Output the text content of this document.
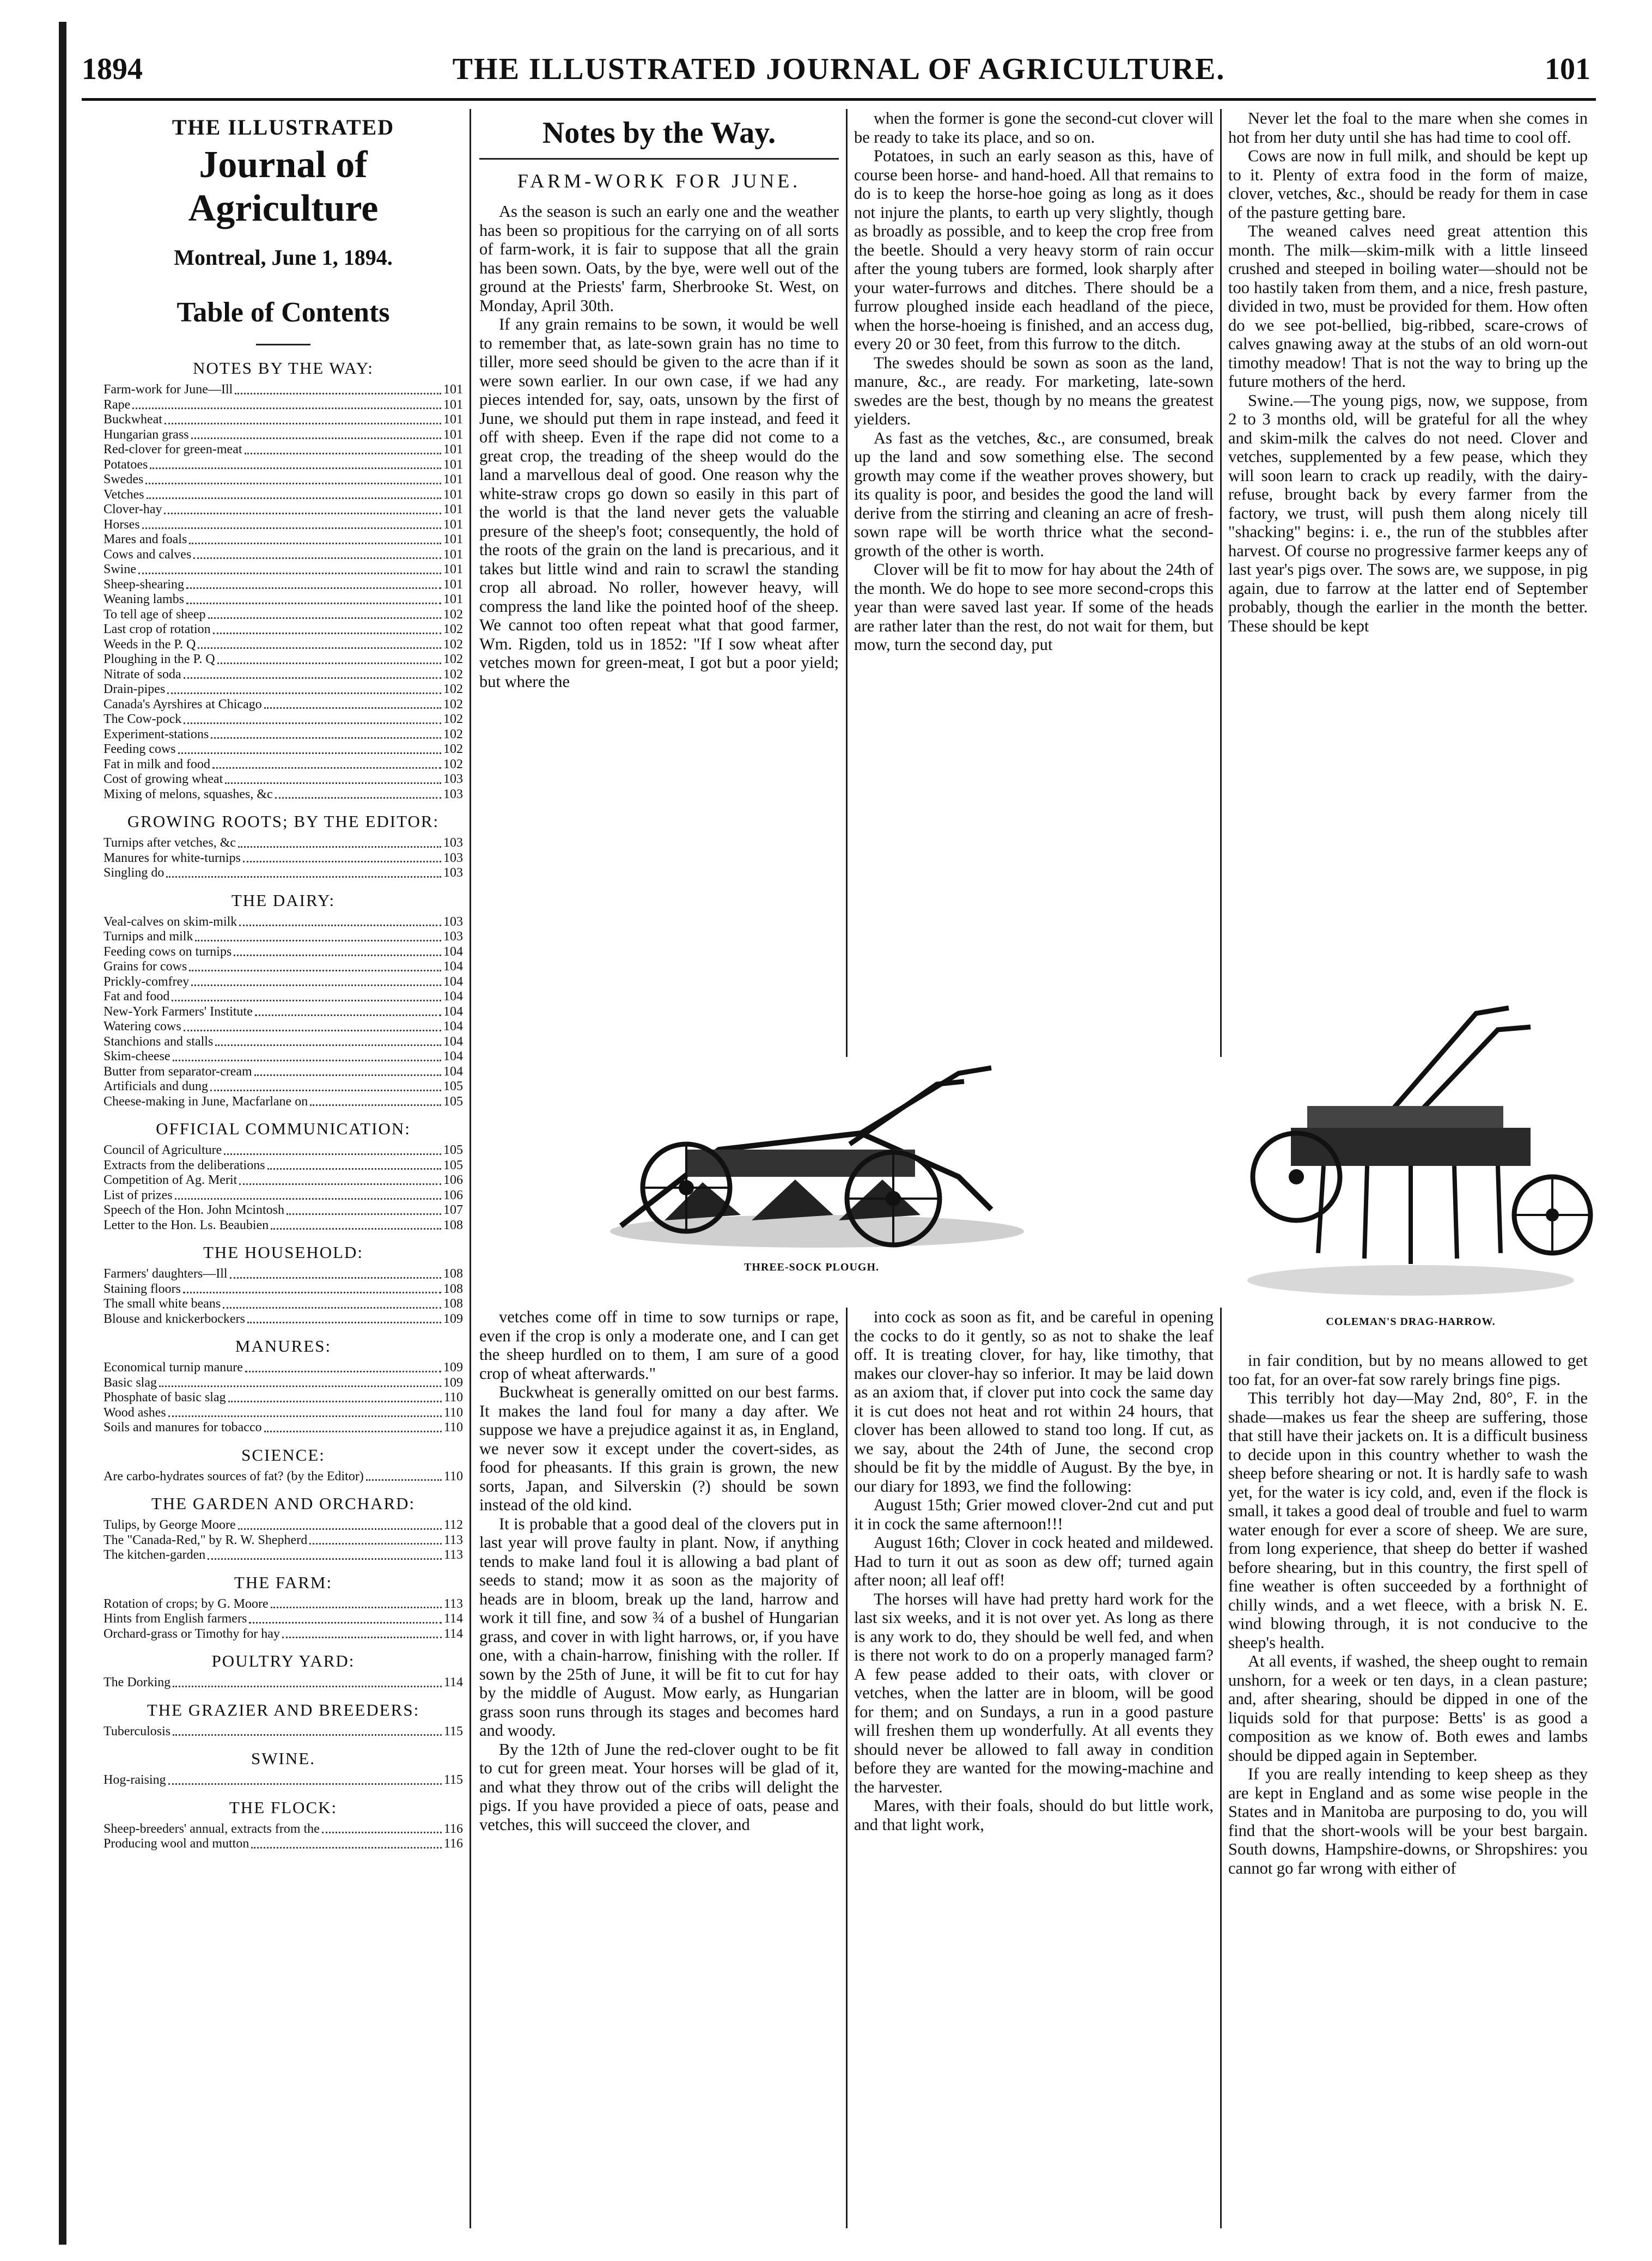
1894	THE ILLUSTRATED JOURNAL OF AGRICULTURE.	101
THE ILLUSTRATED
Journal of Agriculture
Montreal, June 1, 1894.
Table of Contents
NOTES BY THE WAY:
Farm-work for June—Ill	101
Rape	101
Buckwheat	101
Hungarian grass	101
Red-clover for green-meat	101
Potatoes	101
Swedes	101
Vetches	101
Clover-hay	101
Horses	101
Mares and foals	101
Cows and calves	101
Swine	101
Sheep-shearing	101
Weaning lambs	101
To tell age of sheep	102
Last crop of rotation	102
Weeds in the P. Q	102
Ploughing in the P. Q	102
Nitrate of soda	102
Drain-pipes	102
Canada's Ayrshires at Chicago	102
The Cow-pock	102
Experiment-stations	102
Feeding cows	102
Fat in milk and food	102
Cost of growing wheat	103
Mixing of melons, squashes, &c	103
GROWING ROOTS; BY THE EDITOR:
Turnips after vetches, &c	103
Manures for white-turnips	103
Singling do	103
THE DAIRY:
Veal-calves on skim-milk	103
Turnips and milk	103
Feeding cows on turnips	104
Grains for cows	104
Prickly-comfrey	104
Fat and food	104
New-York Farmers' Institute	104
Watering cows	104
Stanchions and stalls	104
Skim-cheese	104
Butter from separator-cream	104
Artificials and dung	105
Cheese-making in June, Macfarlane on	105
OFFICIAL COMMUNICATION:
Council of Agriculture	105
Extracts from the deliberations	105
Competition of Ag. Merit	106
List of prizes	106
Speech of the Hon. John Mcintosh	107
Letter to the Hon. Ls. Beaubien	108
THE HOUSEHOLD:
Farmers' daughters—Ill	108
Staining floors	108
The small white beans	108
Blouse and knickerbockers	109
MANURES:
Economical turnip manure	109
Basic slag	109
Phosphate of basic slag	110
Wood ashes	110
Soils and manures for tobacco	110
SCIENCE:
Are carbo-hydrates sources of fat? (by the Editor)	110
THE GARDEN AND ORCHARD:
Tulips, by George Moore	112
The "Canada-Red," by R. W. Shepherd	113
The kitchen-garden	113
THE FARM:
Rotation of crops; by G. Moore	113
Hints from English farmers	114
Orchard-grass or Timothy for hay	114
POULTRY YARD:
The Dorking	114
THE GRAZIER AND BREEDERS:
Tuberculosis	115
SWINE.
Hog-raising	115
THE FLOCK:
Sheep-breeders' annual, extracts from the	116
Producing wool and mutton	116
Notes by the Way.
FARM-WORK FOR JUNE.

As the season is such an early one and the weather has been so propitious for the carrying on of all sorts of farm-work, it is fair to suppose that all the grain has been sown. Oats, by the bye, were well out of the ground at the Priests' farm, Sherbrooke St. West, on Monday, April 30th.

If any grain remains to be sown, it would be well to remember that, as late-sown grain has no time to tiller, more seed should be given to the acre than if it were sown earlier. In our own case, if we had any pieces intended for, say, oats, unsown by the first of June, we should put them in rape instead, and feed it off with sheep. Even if the rape did not come to a great crop, the treading of the sheep would do the land a marvellous deal of good. One reason why the white-straw crops go down so easily in this part of the world is that the land never gets the valuable presure of the sheep's foot; consequently, the hold of the roots of the grain on the land is precarious, and it takes but little wind and rain to scrawl the standing crop all abroad. No roller, however heavy, will compress the land like the pointed hoof of the sheep. We cannot too often repeat what that good farmer, Wm. Rigden, told us in 1852: "If I sow wheat after vetches mown for green-meat, I got but a poor yield; but where the

when the former is gone the second-cut clover will be ready to take its place, and so on.

Potatoes, in such an early season as this, have of course been horse- and hand-hoed. All that remains to do is to keep the horse-hoe going as long as it does not injure the plants, to earth up very slightly, though as broadly as possible, and to keep the crop free from the beetle. Should a very heavy storm of rain occur after the young tubers are formed, look sharply after your water-furrows and ditches. There should be a furrow ploughed inside each headland of the piece, when the horse-hoeing is finished, and an access dug, every 20 or 30 feet, from this furrow to the ditch.

The swedes should be sown as soon as the land, manure, &c., are ready. For marketing, late-sown swedes are the best, though by no means the greatest yielders.

As fast as the vetches, &c., are consumed, break up the land and sow something else. The second growth may come if the weather proves showery, but its quality is poor, and besides the good the land will derive from the stirring and cleaning an acre of fresh-sown rape will be worth thrice what the second-growth of the other is worth.

Clover will be fit to mow for hay about the 24th of the month. We do hope to see more second-crops this year than were saved last year. If some of the heads are rather later than the rest, do not wait for them, but mow, turn the second day, put

Never let the foal to the mare when she comes in hot from her duty until she has had time to cool off.

Cows are now in full milk, and should be kept up to it. Plenty of extra food in the form of maize, clover, vetches, &c., should be ready for them in case of the pasture getting bare.

The weaned calves need great attention this month. The milk—skim-milk with a little linseed crushed and steeped in boiling water—should not be too hastily taken from them, and a nice, fresh pasture, divided in two, must be provided for them. How often do we see pot-bellied, big-ribbed, scare-crows of calves gnawing away at the stubs of an old worn-out timothy meadow! That is not the way to bring up the future mothers of the herd.

Swine.—The young pigs, now, we suppose, from 2 to 3 months old, will be grateful for all the whey and skim-milk the calves do not need. Clover and vetches, supplemented by a few pease, which they will soon learn to crack up readily, with the dairy-refuse, brought back by every farmer from the factory, we trust, will push them along nicely till "shacking" begins: i. e., the run of the stubbles after harvest. Of course no progressive farmer keeps any of last year's pigs over. The sows are, we suppose, in pig again, due to farrow at the latter end of September probably, though the earlier in the month the better. These should be kept

THREE-SOCK PLOUGH.
COLEMAN'S DRAG-HARROW.

vetches come off in time to sow turnips or rape, even if the crop is only a moderate one, and I can get the sheep hurdled on to them, I am sure of a good crop of wheat afterwards."

Buckwheat is generally omitted on our best farms. It makes the land foul for many a day after. We suppose we have a prejudice against it as, in England, we never sow it except under the covert-sides, as food for pheasants. If this grain is grown, the new sorts, Japan, and Silverskin (?) should be sown instead of the old kind.

It is probable that a good deal of the clovers put in last year will prove faulty in plant. Now, if anything tends to make land foul it is allowing a bad plant of seeds to stand; mow it as soon as the majority of heads are in bloom, break up the land, harrow and work it till fine, and sow ¾ of a bushel of Hungarian grass, and cover in with light harrows, or, if you have one, with a chain-harrow, finishing with the roller. If sown by the 25th of June, it will be fit to cut for hay by the middle of August. Mow early, as Hungarian grass soon runs through its stages and becomes hard and woody.

By the 12th of June the red-clover ought to be fit to cut for green meat. Your horses will be glad of it, and what they throw out of the cribs will delight the pigs. If you have provided a piece of oats, pease and vetches, this will succeed the clover, and

into cock as soon as fit, and be careful in opening the cocks to do it gently, so as not to shake the leaf off. It is treating clover, for hay, like timothy, that makes our clover-hay so inferior. It may be laid down as an axiom that, if clover put into cock the same day it is cut does not heat and rot within 24 hours, that clover has been allowed to stand too long. If cut, as we say, about the 24th of June, the second crop should be fit by the middle of August. By the bye, in our diary for 1893, we find the following:

August 15th; Grier mowed clover-2nd cut and put it in cock the same afternoon!!!

August 16th; Clover in cock heated and mildewed. Had to turn it out as soon as dew off; turned again after noon; all leaf off!

The horses will have had pretty hard work for the last six weeks, and it is not over yet. As long as there is any work to do, they should be well fed, and when is there not work to do on a properly managed farm? A few pease added to their oats, with clover or vetches, when the latter are in bloom, will be good for them; and on Sundays, a run in a good pasture will freshen them up wonderfully. At all events they should never be allowed to fall away in condition before they are wanted for the mowing-machine and the harvester.

Mares, with their foals, should do but little work, and that light work,

in fair condition, but by no means allowed to get too fat, for an over-fat sow rarely brings fine pigs.

This terribly hot day—May 2nd, 80°, F. in the shade—makes us fear the sheep are suffering, those that still have their jackets on. It is a difficult business to decide upon in this country whether to wash the sheep before shearing or not. It is hardly safe to wash yet, for the water is icy cold, and, even if the flock is small, it takes a good deal of trouble and fuel to warm water enough for ever a score of sheep. We are sure, from long experience, that sheep do better if washed before shearing, but in this country, the first spell of fine weather is often succeeded by a forthnight of chilly winds, and a wet fleece, with a brisk N. E. wind blowing through, it is not conducive to the sheep's health.

At all events, if washed, the sheep ought to remain unshorn, for a week or ten days, in a clean pasture; and, after shearing, should be dipped in one of the liquids sold for that purpose: Betts' is as good a composition as we know of. Both ewes and lambs should be dipped again in September.

If you are really intending to keep sheep as they are kept in England and as some wise people in the States and in Manitoba are purposing to do, you will find that the short-wools will be your best bargain. South downs, Hampshire-downs, or Shropshires: you cannot go far wrong with either of
